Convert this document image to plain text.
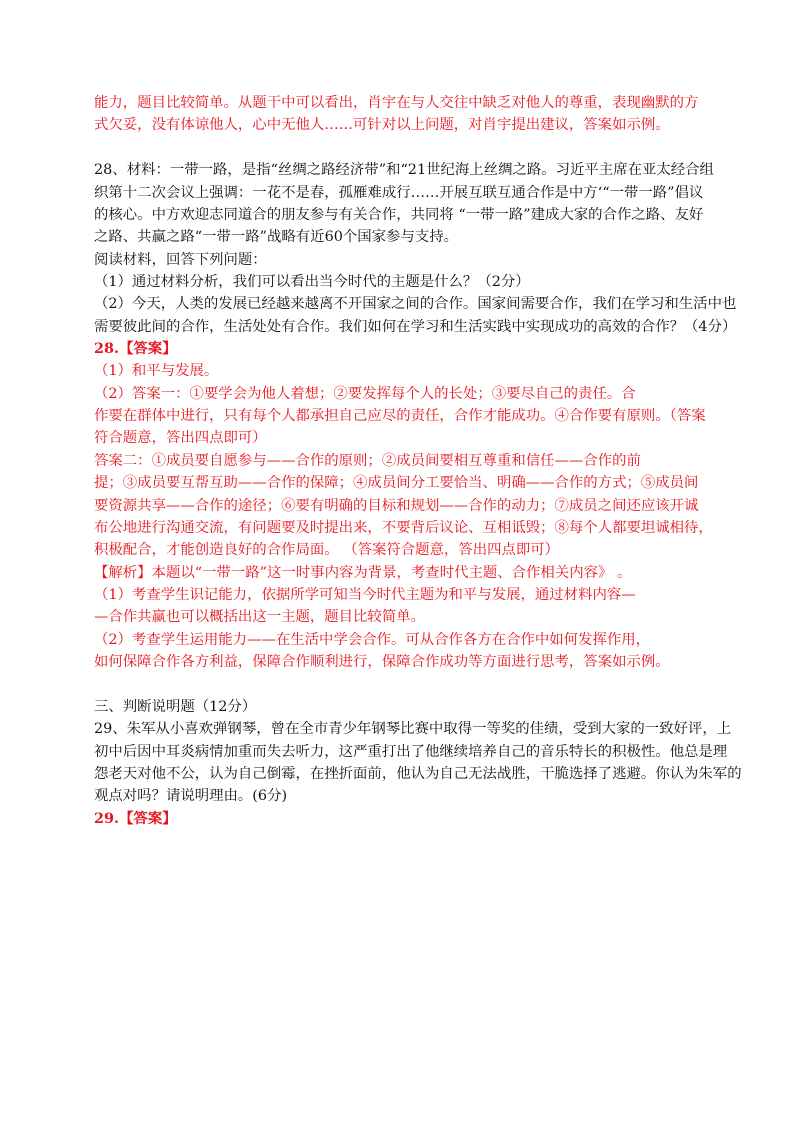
能力，题目比较简单。从题干中可以看出，肖宇在与人交往中缺乏对他人的尊重，表现幽默的方
式欠妥，没有体谅他人，心中无他人……可针对以上问题，对肖宇提出建议，答案如示例。
28、材料：一带一路，是指“丝绸之路经济带”和“21世纪海上丝绸之路。习近平主席在亚太经合组
织第十二次会议上强调：一花不是春，孤雁难成行……开展互联互通合作是中方‘“一带一路”倡议
的核心。中方欢迎志同道合的朋友参与有关合作，共同将 “一带一路”建成大家的合作之路、友好
之路、共赢之路“一带一路”战略有近60个国家参与支持。
阅读材料，回答下列问题：
（1）通过材料分析，我们可以看出当今时代的主题是什么？（2分）
（2）今天，人类的发展已经越来越离不开国家之间的合作。国家间需要合作，我们在学习和生活中也
需要彼此间的合作，生活处处有合作。我们如何在学习和生活实践中实现成功的高效的合作？（4分）
28.【答案】
（1）和平与发展。
（2）答案一：①要学会为他人着想；②要发挥每个人的长处；③要尽自己的责任。合
作要在群体中进行，只有每个人都承担自己应尽的责任，合作才能成功。④合作要有原则。（答案
符合题意，答出四点即可）
答案二：①成员要自愿参与——合作的原则；②成员间要相互尊重和信任——合作的前
提；③成员要互帮互助——合作的保障；④成员间分工要恰当、明确——合作的方式；⑤成员间
要资源共享——合作的途径；⑥要有明确的目标和规划——合作的动力；⑦成员之间还应该开诚
布公地进行沟通交流，有问题要及时提出来，不要背后议论、互相诋毁；⑧每个人都要坦诚相待，
积极配合，才能创造良好的合作局面。 （答案符合题意，答出四点即可）
【解析】本题以“一带一路”这一时事内容为背景，考查时代主题、合作相关内容》 。
（1）考查学生识记能力，依据所学可知当今时代主题为和平与发展，通过材料内容—
—合作共赢也可以概括出这一主题，题目比较简单。
（2）考查学生运用能力——在生活中学会合作。可从合作各方在合作中如何发挥作用，
如何保障合作各方利益，保障合作顺利进行，保障合作成功等方面进行思考，答案如示例。
三、判断说明题（12分）
29、朱军从小喜欢弹钢琴，曾在全市青少年钢琴比赛中取得一等奖的佳绩，受到大家的一致好评，上
初中后因中耳炎病情加重而失去听力，这严重打出了他继续培养自己的音乐特长的积极性。他总是理
怨老天对他不公，认为自己倒霉，在挫折面前，他认为自己无法战胜，干脆选择了逃避。你认为朱军的
观点对吗？请说明理由。(6分)
29.【答案】
